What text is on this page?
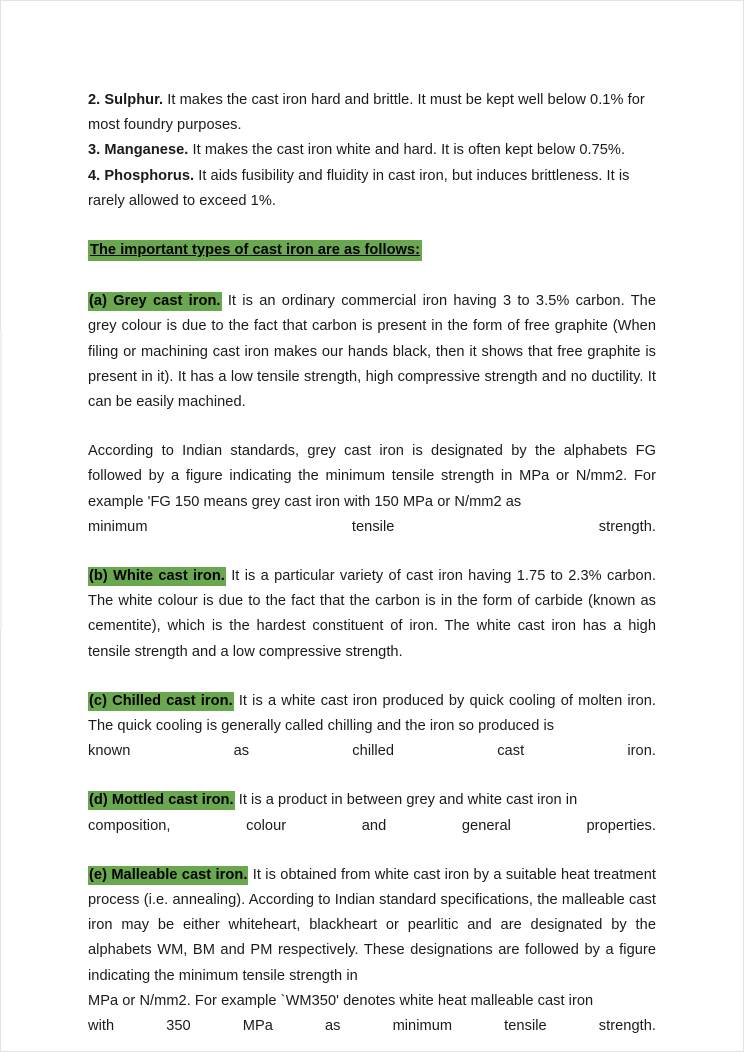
2. Sulphur. It makes the cast iron hard and brittle. It must be kept well below 0.1% for most foundry purposes.

3. Manganese. It makes the cast iron white and hard. It is often kept below 0.75%.

4. Phosphorus. It aids fusibility and fluidity in cast iron, but induces brittleness. It is rarely allowed to exceed 1%.

The important types of cast iron are as follows:

(a) Grey cast iron. It is an ordinary commercial iron having 3 to 3.5% carbon. The grey colour is due to the fact that carbon is present in the form of free graphite (When filing or machining cast iron makes our hands black, then it shows that free graphite is present in it). It has a low tensile strength, high compressive strength and no ductility. It can be easily machined.

According to Indian standards, grey cast iron is designated by the alphabets FG followed by a figure indicating the minimum tensile strength in MPa or N/mm2. For example 'FG 150 means grey cast iron with 150 MPa or N/mm2 as

minimum tensile strength.

(b) White cast iron. It is a particular variety of cast iron having 1.75 to 2.3% carbon. The white colour is due to the fact that the carbon is in the form of carbide (known as cementite), which is the hardest constituent of iron. The white cast iron has a high tensile strength and a low compressive strength.

(c) Chilled cast iron. It is a white cast iron produced by quick cooling of molten iron. The quick cooling is generally called chilling and the iron so produced is

known as chilled cast iron.

(d) Mottled cast iron. It is a product in between grey and white cast iron in

composition, colour and general properties.

(e) Malleable cast iron. It is obtained from white cast iron by a suitable heat treatment process (i.e. annealing). According to Indian standard specifications, the malleable cast iron may be either whiteheart, blackheart or pearlitic and are designated by the alphabets WM, BM and PM respectively. These designations are followed by a figure indicating the minimum tensile strength in

MPa or N/mm2. For example `WM350' denotes white heat malleable cast iron

with 350 MPa as minimum tensile strength.
